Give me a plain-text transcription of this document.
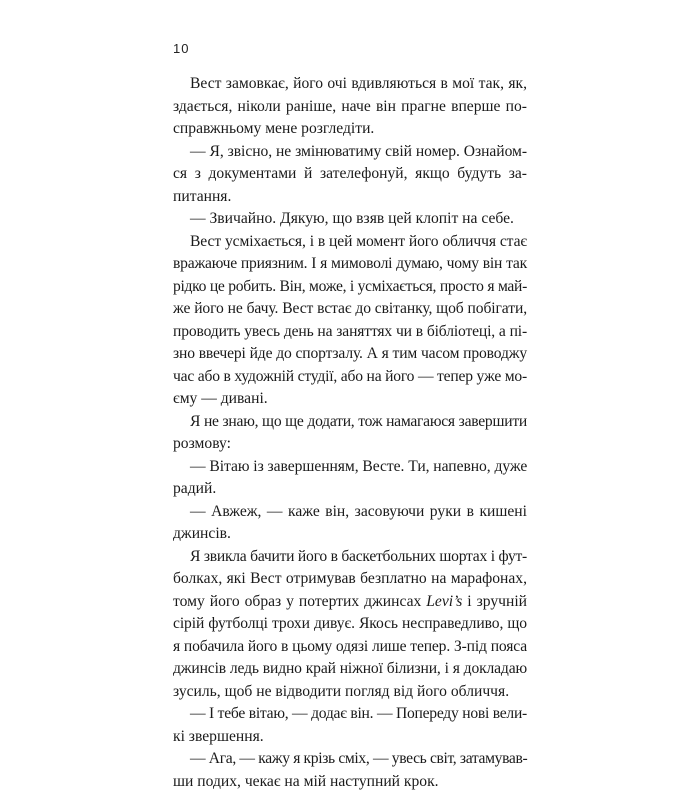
10
Вест замовкає, його очі вдивляються в мої так, як,
здається, ніколи раніше, наче він прагне вперше по-
справжньому мене розгледіти.
— Я, звісно, не змінюватиму свій номер. Ознайом-
ся з документами й зателефонуй, якщо будуть за-
питання.
— Звичайно. Дякую, що взяв цей клопіт на себе.
Вест усміхається, і в цей момент його обличчя стає
вражаюче приязним. І я мимоволі думаю, чому він так
рідко це робить. Він, може, і усміхається, просто я май-
же його не бачу. Вест встає до світанку, щоб побігати,
проводить увесь день на заняттях чи в бібліотеці, а пі-
зно ввечері йде до спортзалу. А я тим часом проводжу
час або в художній студії, або на його — тепер уже мо-
єму — дивані.
Я не знаю, що ще додати, тож намагаюся завершити
розмову:
— Вітаю із завершенням, Весте. Ти, напевно, дуже
радий.
— Авжеж, — каже він, засовуючи руки в кишені
джинсів.
Я звикла бачити його в баскетбольних шортах і фут-
болках, які Вест отримував безплатно на марафонах,
тому його образ у потертих джинсах Levi’s і зручній
сірій футболці трохи дивує. Якось несправедливо, що
я побачила його в цьому одязі лише тепер. З-під пояса
джинсів ледь видно край ніжної білизни, і я докладаю
зусиль, щоб не відводити погляд від його обличчя.
— І тебе вітаю, — додає він. — Попереду нові вели-
кі звершення.
— Ага, — кажу я крізь сміх, — увесь світ, затамував-
ши подих, чекає на мій наступний крок.
